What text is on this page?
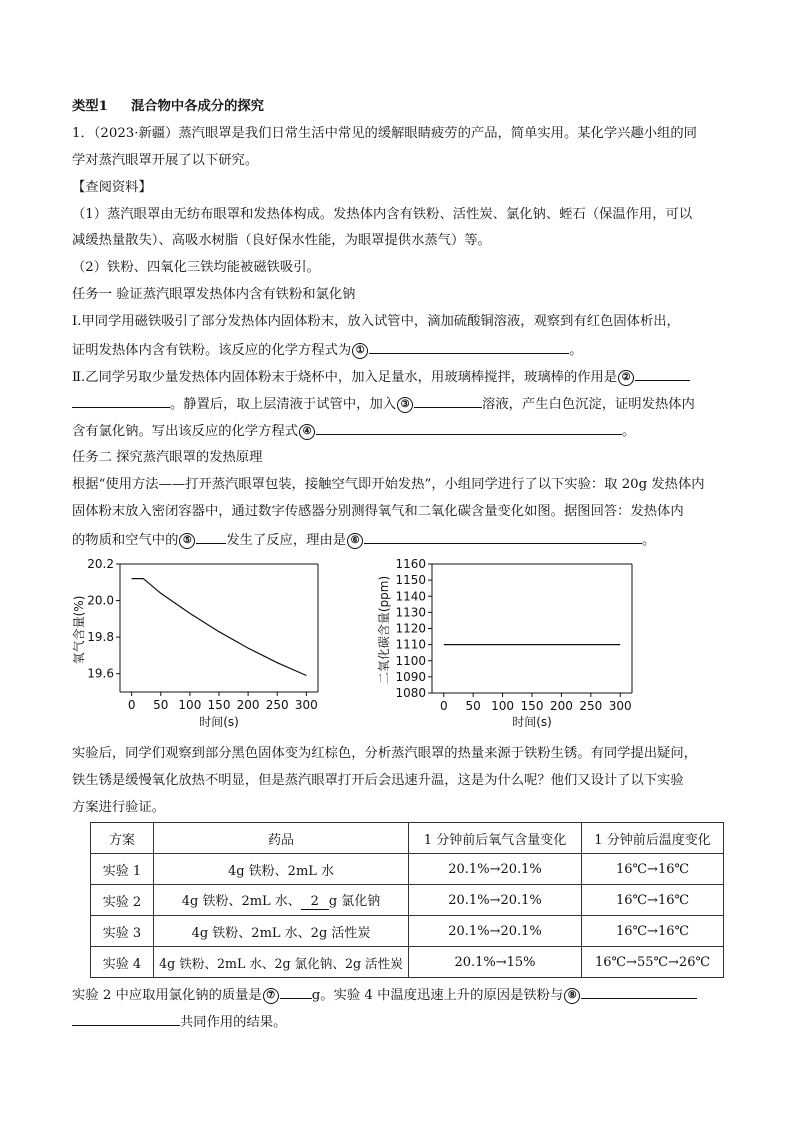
类型1 混合物中各成分的探究
1．（2023·新疆）蒸汽眼罩是我们日常生活中常见的缓解眼睛疲劳的产品，简单实用。某化学兴趣小组的同
学对蒸汽眼罩开展了以下研究。
【查阅资料】
（1）蒸汽眼罩由无纺布眼罩和发热体构成。发热体内含有铁粉、活性炭、氯化钠、蛭石（保温作用，可以
减缓热量散失）、高吸水树脂（良好保水性能，为眼罩提供水蒸气）等。
（2）铁粉、四氧化三铁均能被磁铁吸引。
任务一 验证蒸汽眼罩发热体内含有铁粉和氯化钠
Ⅰ.甲同学用磁铁吸引了部分发热体内固体粉末，放入试管中，滴加硫酸铜溶液，观察到有红色固体析出，
证明发热体内含有铁粉。该反应的化学方程式为 ①	。
Ⅱ.乙同学另取少量发热体内固体粉末于烧杯中，加入足量水，用玻璃棒搅拌，玻璃棒的作用是 ②
。静置后，取上层清液于试管中，加入 ③	溶液，产生白色沉淀，证明发热体内
含有氯化钠。写出该反应的化学方程式 ④	。
任务二 探究蒸汽眼罩的发热原理
根据“使用方法——打开蒸汽眼罩包装，接触空气即开始发热”，小组同学进行了以下实验：取 20g 发热体内
固体粉末放入密闭容器中，通过数字传感器分别测得氧气和二氧化碳含量变化如图。据图回答：发热体内
的物质和空气中的 ⑤	发生了反应，理由是 ⑥	。
19.6
19.8
20.0
20.2
0 50 100 150 200 250 300
氧气含量(%)
时间(s)
1080
1090
1100
1110
1120
1130
1140
1150
1160
0 50 100 150 200 250 300
二氧化碳含量(ppm)
时间(s)
实验后，同学们观察到部分黑色固体变为红棕色，分析蒸汽眼罩的热量来源于铁粉生锈。有同学提出疑问，
铁生锈是缓慢氧化放热不明显，但是蒸汽眼罩打开后会迅速升温，这是为什么呢？他们又设计了以下实验
方案进行验证。
方案	药品	1 分钟前后氧气含量变化	1 分钟前后温度变化
实验 1	4g 铁粉、2mL 水	20.1%→20.1%	16℃→16℃
实验 2	4g 铁粉、2mL 水、 2 g 氯化钠	20.1%→20.1%	16℃→16℃
实验 3	4g 铁粉、2mL 水、2g 活性炭	20.1%→20.1%	16℃→16℃
实验 4	4g 铁粉、2mL 水、2g 氯化钠、2g 活性炭	20.1%→15%	16℃→55℃→26℃
实验 2 中应取用氯化钠的质量是 ⑦	g。实验 4 中温度迅速上升的原因是铁粉与 ⑧
共同作用的结果。
